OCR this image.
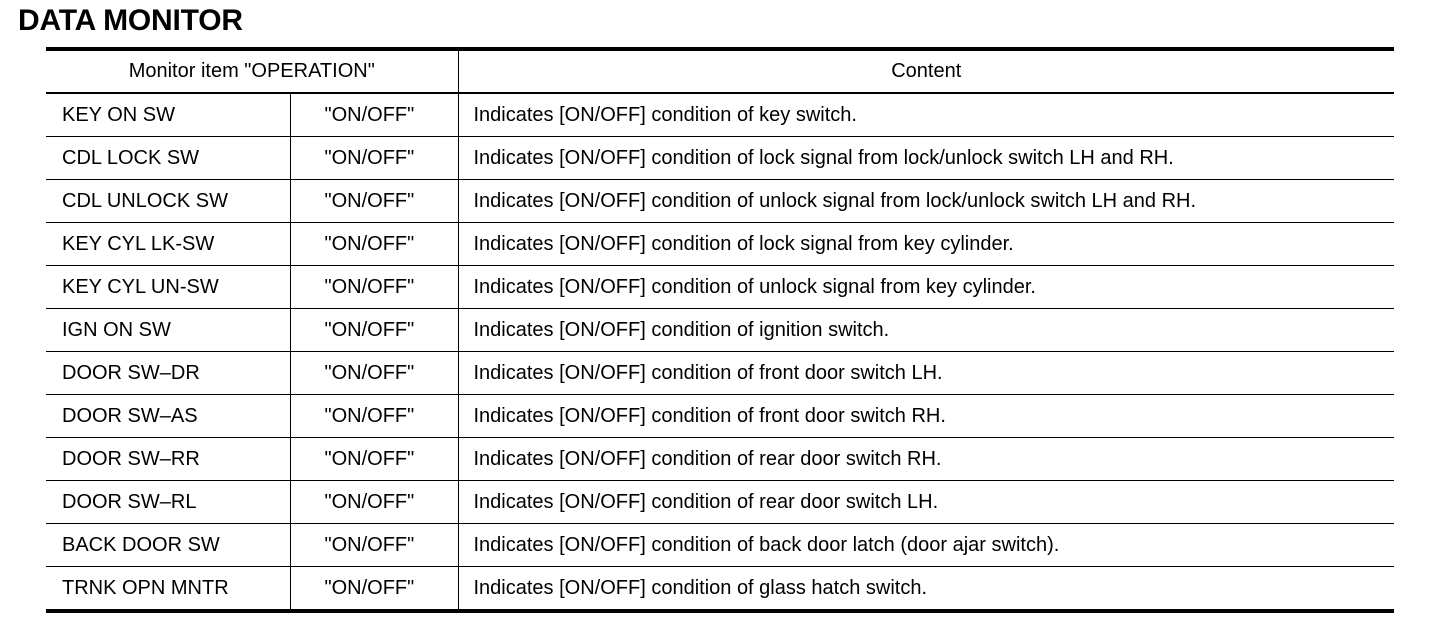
DATA MONITOR
Monitor item "OPERATION"		Content
KEY ON SW	"ON/OFF"	Indicates [ON/OFF] condition of key switch.
CDL LOCK SW	"ON/OFF"	Indicates [ON/OFF] condition of lock signal from lock/unlock switch LH and RH.
CDL UNLOCK SW	"ON/OFF"	Indicates [ON/OFF] condition of unlock signal from lock/unlock switch LH and RH.
KEY CYL LK-SW	"ON/OFF"	Indicates [ON/OFF] condition of lock signal from key cylinder.
KEY CYL UN-SW	"ON/OFF"	Indicates [ON/OFF] condition of unlock signal from key cylinder.
IGN ON SW	"ON/OFF"	Indicates [ON/OFF] condition of ignition switch.
DOOR SW–DR	"ON/OFF"	Indicates [ON/OFF] condition of front door switch LH.
DOOR SW–AS	"ON/OFF"	Indicates [ON/OFF] condition of front door switch RH.
DOOR SW–RR	"ON/OFF"	Indicates [ON/OFF] condition of rear door switch RH.
DOOR SW–RL	"ON/OFF"	Indicates [ON/OFF] condition of rear door switch LH.
BACK DOOR SW	"ON/OFF"	Indicates [ON/OFF] condition of back door latch (door ajar switch).
TRNK OPN MNTR	"ON/OFF"	Indicates [ON/OFF] condition of glass hatch switch.
